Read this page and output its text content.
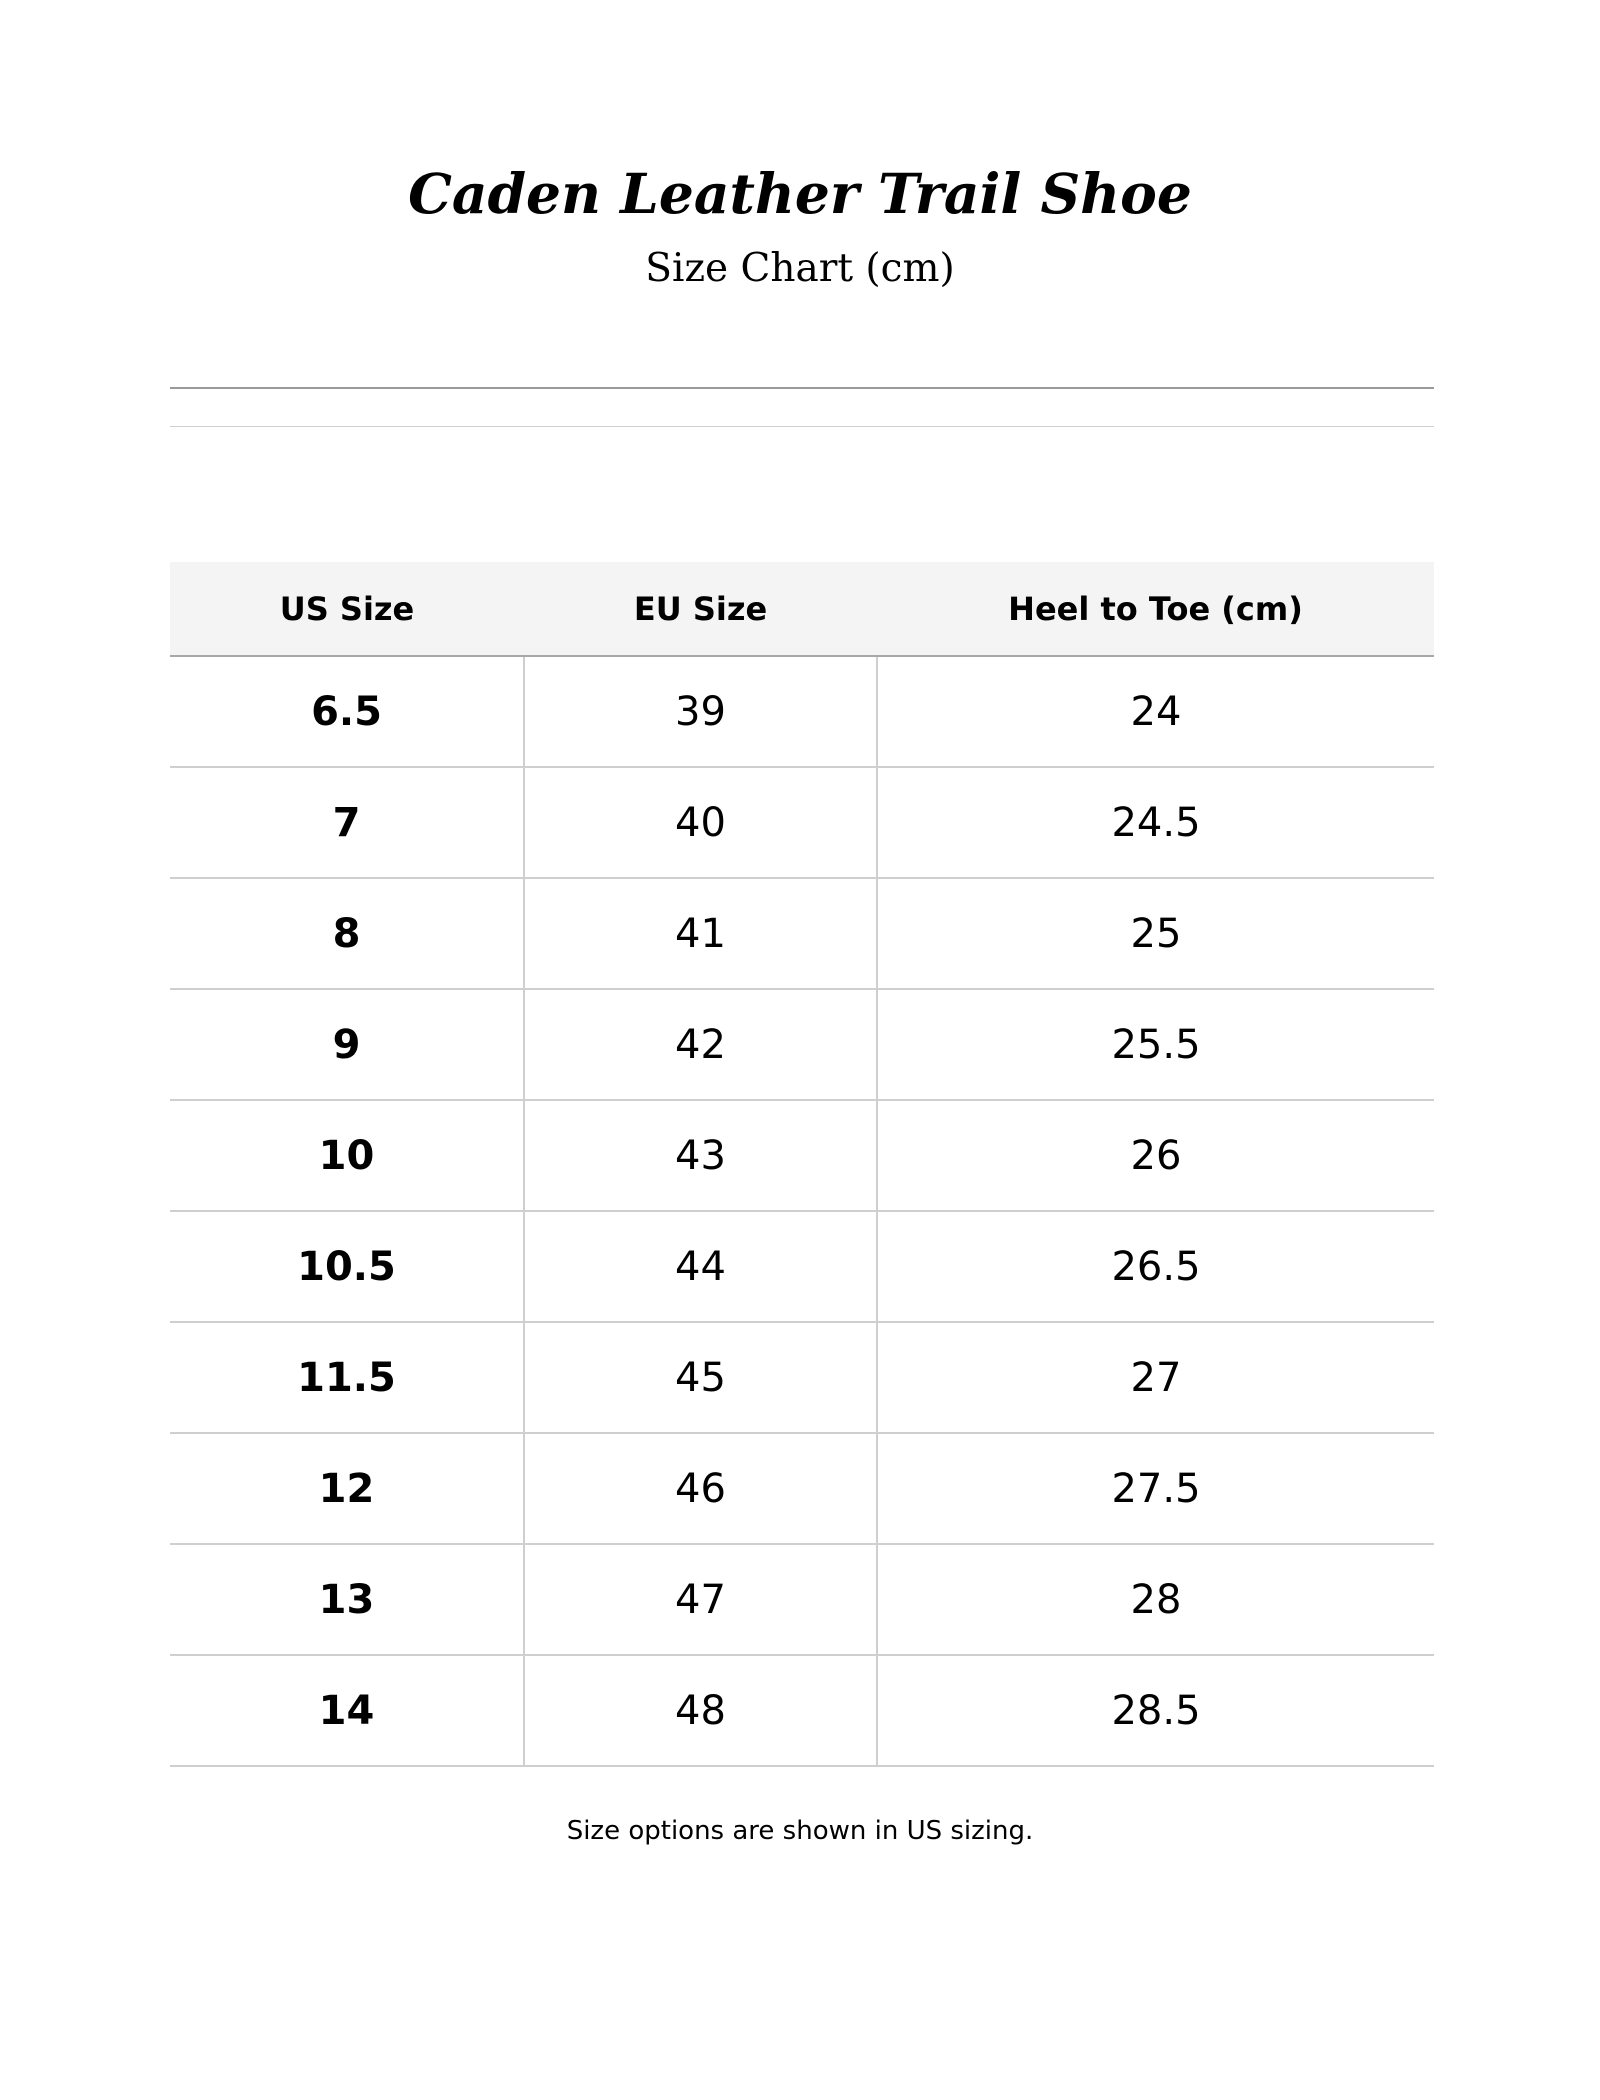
Caden Leather Trail Shoe
Size Chart (cm)
US Size	EU Size	Heel to Toe (cm)
6.5	39	24
7	40	24.5
8	41	25
9	42	25.5
10	43	26
10.5	44	26.5
11.5	45	27
12	46	27.5
13	47	28
14	48	28.5

Size options are shown in US sizing.
